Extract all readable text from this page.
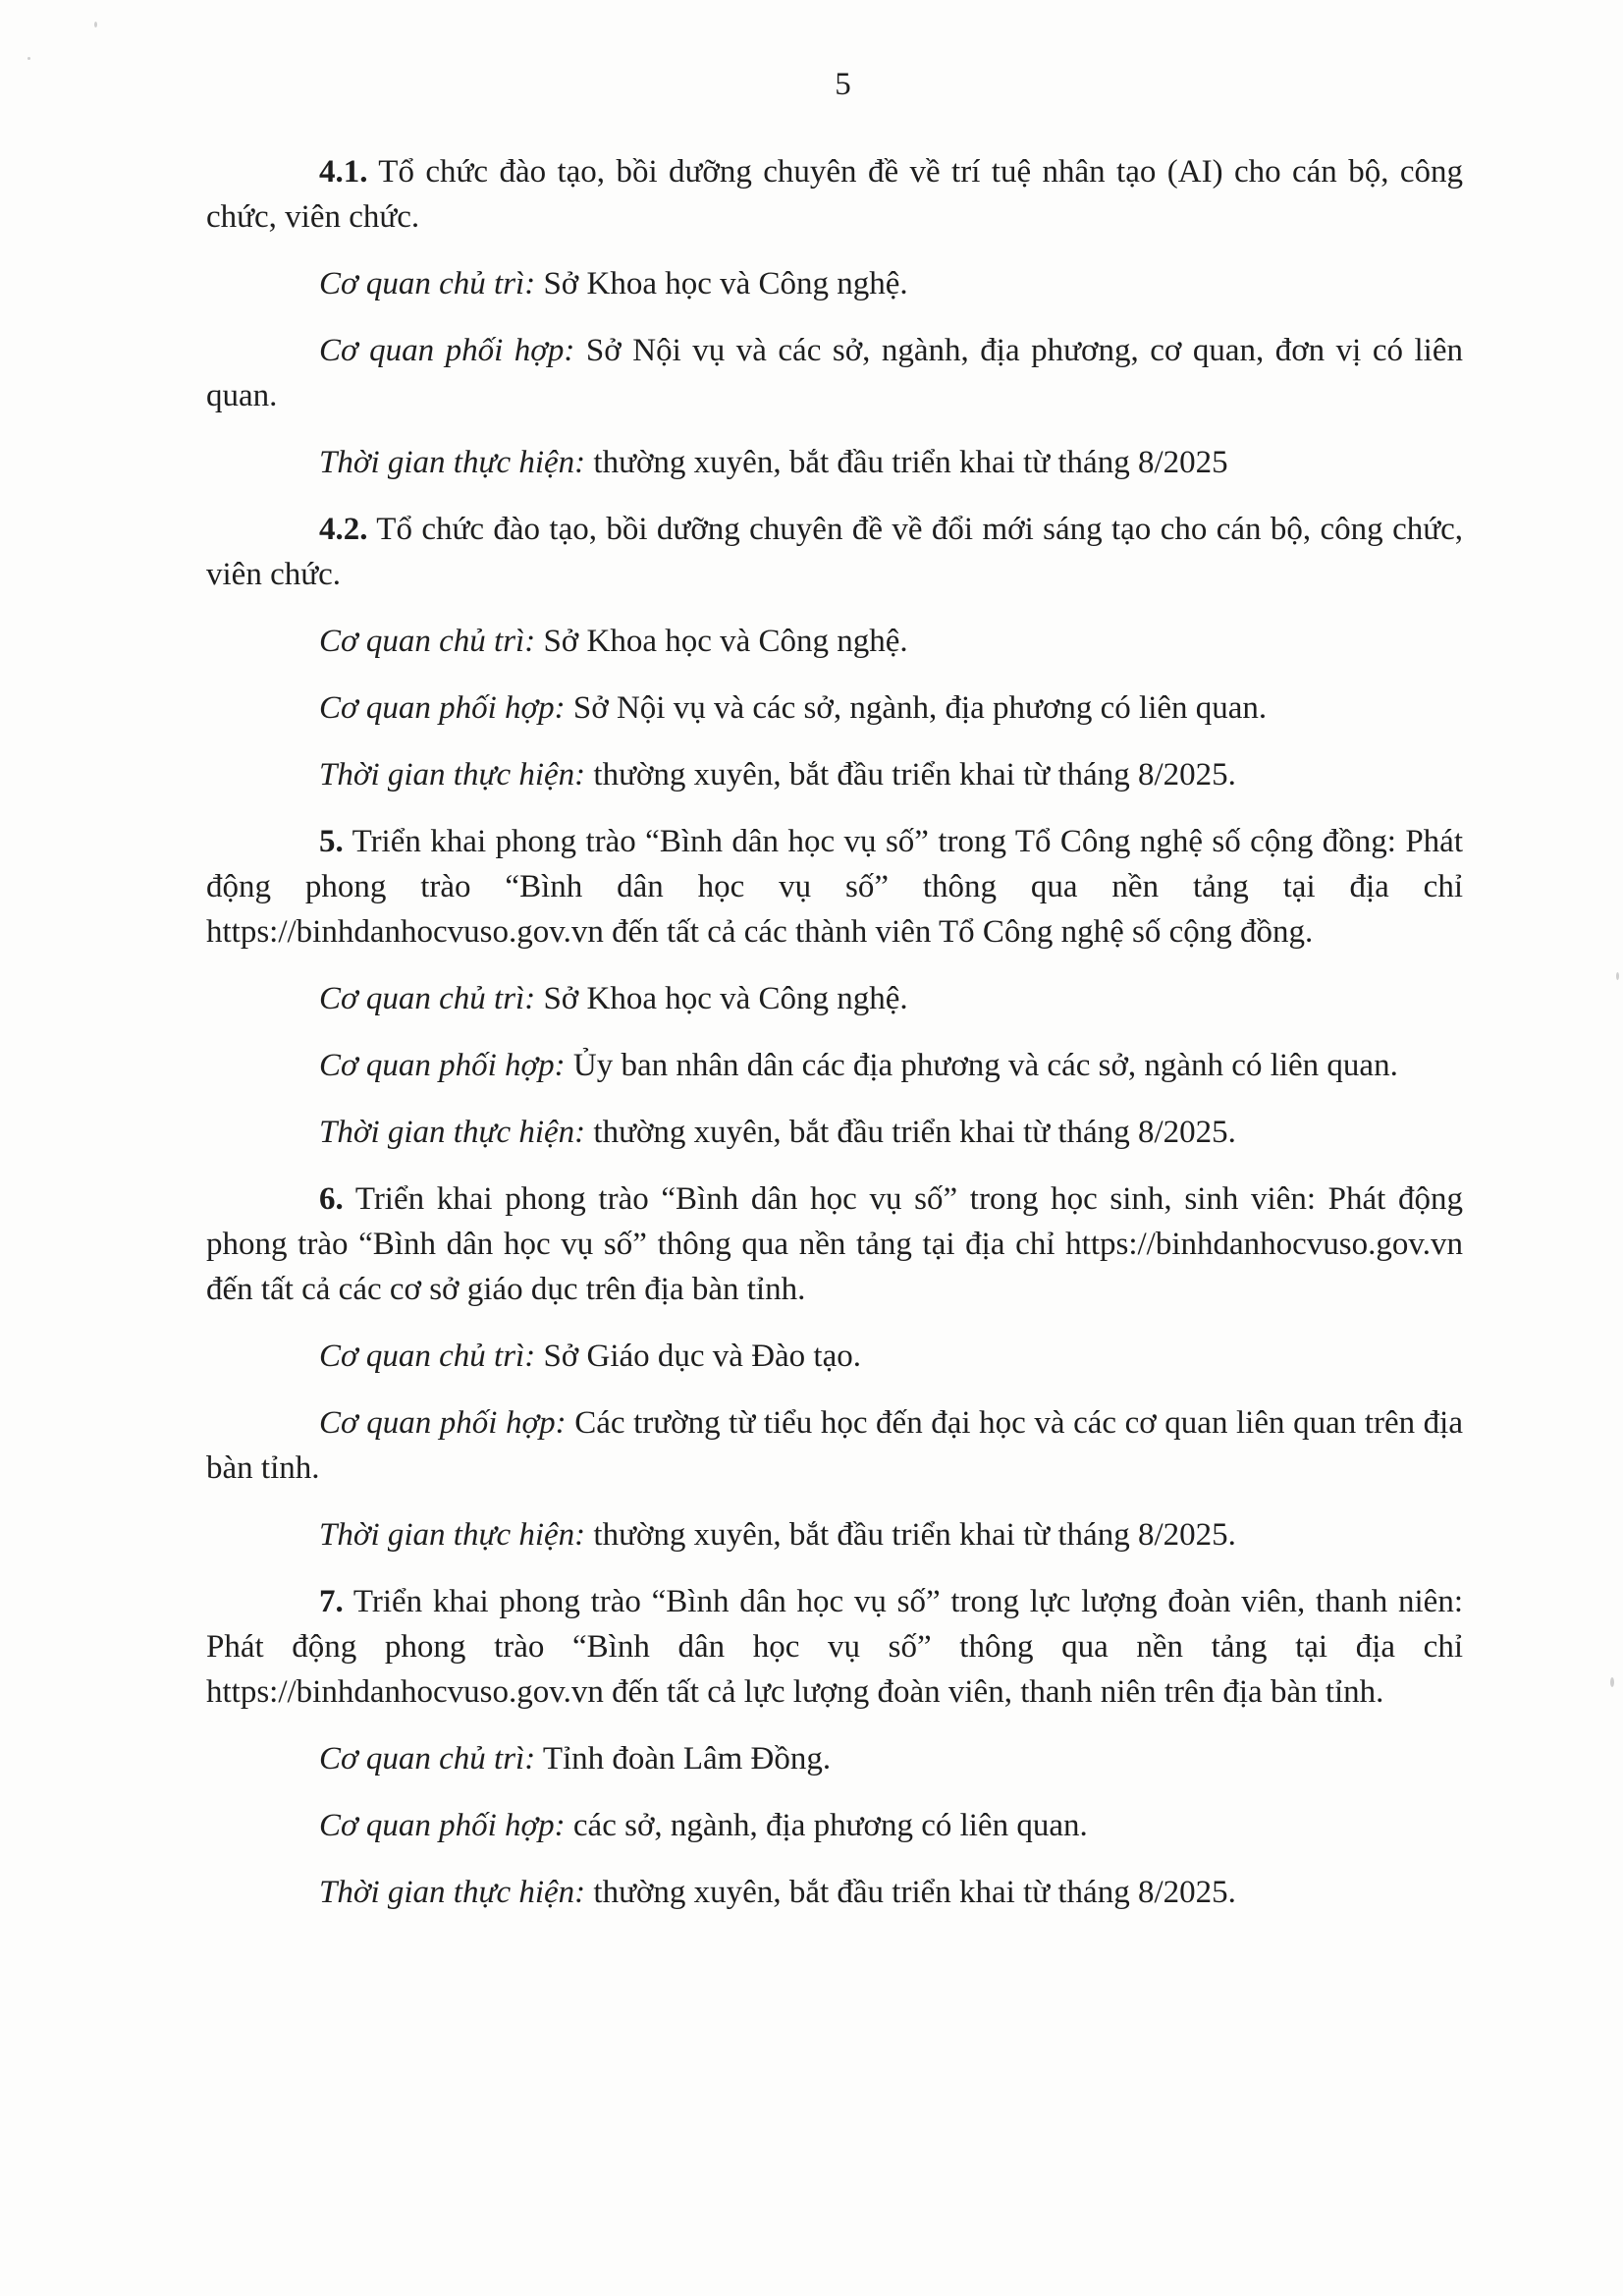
5

4.1. Tổ chức đào tạo, bồi dưỡng chuyên đề về trí tuệ nhân tạo (AI) cho cán bộ, công chức, viên chức.

Cơ quan chủ trì: Sở Khoa học và Công nghệ.

Cơ quan phối hợp: Sở Nội vụ và các sở, ngành, địa phương, cơ quan, đơn vị có liên quan.

Thời gian thực hiện: thường xuyên, bắt đầu triển khai từ tháng 8/2025

4.2. Tổ chức đào tạo, bồi dưỡng chuyên đề về đổi mới sáng tạo cho cán bộ, công chức, viên chức.

Cơ quan chủ trì: Sở Khoa học và Công nghệ.

Cơ quan phối hợp: Sở Nội vụ và các sở, ngành, địa phương có liên quan.

Thời gian thực hiện: thường xuyên, bắt đầu triển khai từ tháng 8/2025.

5. Triển khai phong trào “Bình dân học vụ số” trong Tổ Công nghệ số cộng đồng: Phát động phong trào “Bình dân học vụ số” thông qua nền tảng tại địa chỉ https://binhdanhocvuso.gov.vn đến tất cả các thành viên Tổ Công nghệ số cộng đồng.

Cơ quan chủ trì: Sở Khoa học và Công nghệ.

Cơ quan phối hợp: Ủy ban nhân dân các địa phương và các sở, ngành có liên quan.

Thời gian thực hiện: thường xuyên, bắt đầu triển khai từ tháng 8/2025.

6. Triển khai phong trào “Bình dân học vụ số” trong học sinh, sinh viên: Phát động phong trào “Bình dân học vụ số” thông qua nền tảng tại địa chỉ https://binhdanhocvuso.gov.vn đến tất cả các cơ sở giáo dục trên địa bàn tỉnh.

Cơ quan chủ trì: Sở Giáo dục và Đào tạo.

Cơ quan phối hợp: Các trường từ tiểu học đến đại học và các cơ quan liên quan trên địa bàn tỉnh.

Thời gian thực hiện: thường xuyên, bắt đầu triển khai từ tháng 8/2025.

7. Triển khai phong trào “Bình dân học vụ số” trong lực lượng đoàn viên, thanh niên: Phát động phong trào “Bình dân học vụ số” thông qua nền tảng tại địa chỉ https://binhdanhocvuso.gov.vn đến tất cả lực lượng đoàn viên, thanh niên trên địa bàn tỉnh.

Cơ quan chủ trì: Tỉnh đoàn Lâm Đồng.

Cơ quan phối hợp: các sở, ngành, địa phương có liên quan.

Thời gian thực hiện: thường xuyên, bắt đầu triển khai từ tháng 8/2025.
